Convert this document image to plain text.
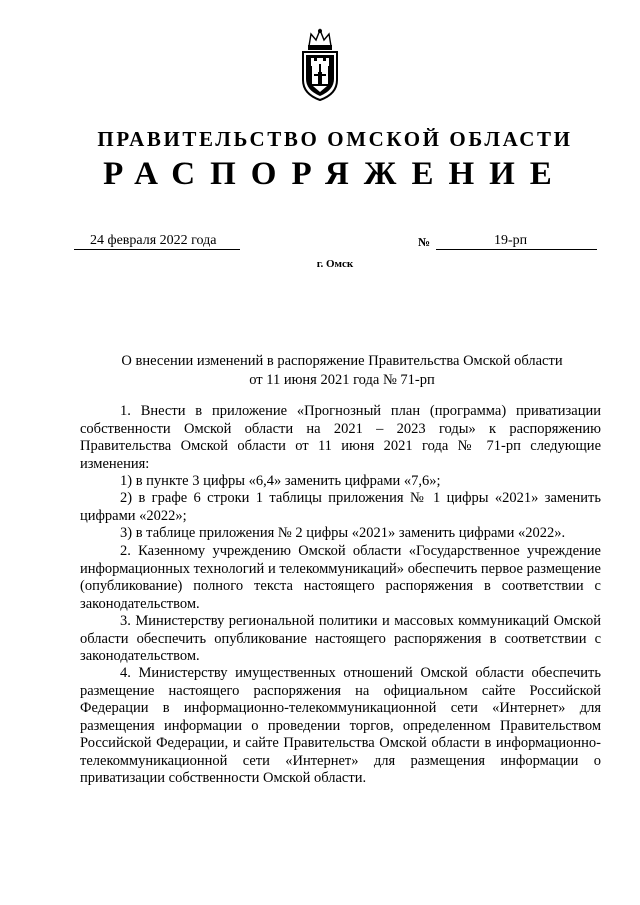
ПРАВИТЕЛЬСТВО ОМСКОЙ ОБЛАСТИ
РАСПОРЯЖЕНИЕ
24 февраля 2022 года	№	19-рп
г. Омск
О внесении изменений в распоряжение Правительства Омской области
от 11 июня 2021 года № 71-рп
1. Внести в приложение «Прогнозный план (программа) приватизации собственности Омской области на 2021 – 2023 годы» к распоряжению Правительства Омской области от 11 июня 2021 года № 71-рп следующие изменения:
1) в пункте 3 цифры «6,4» заменить цифрами «7,6»;
2) в графе 6 строки 1 таблицы приложения № 1 цифры «2021» заменить цифрами «2022»;
3) в таблице приложения № 2 цифры «2021» заменить цифрами «2022».
2. Казенному учреждению Омской области «Государственное учреждение информационных технологий и телекоммуникаций» обеспечить первое размещение (опубликование) полного текста настоящего распоряжения в соответствии с законодательством.
3. Министерству региональной политики и массовых коммуникаций Омской области обеспечить опубликование настоящего распоряжения в соответствии с законодательством.
4. Министерству имущественных отношений Омской области обеспечить размещение настоящего распоряжения на официальном сайте Российской Федерации в информационно-телекоммуникационной сети «Интернет» для размещения информации о проведении торгов, определенном Правительством Российской Федерации, и сайте Правительства Омской области в информационно-телекоммуникационной сети «Интернет» для размещения информации о приватизации собственности Омской области.
